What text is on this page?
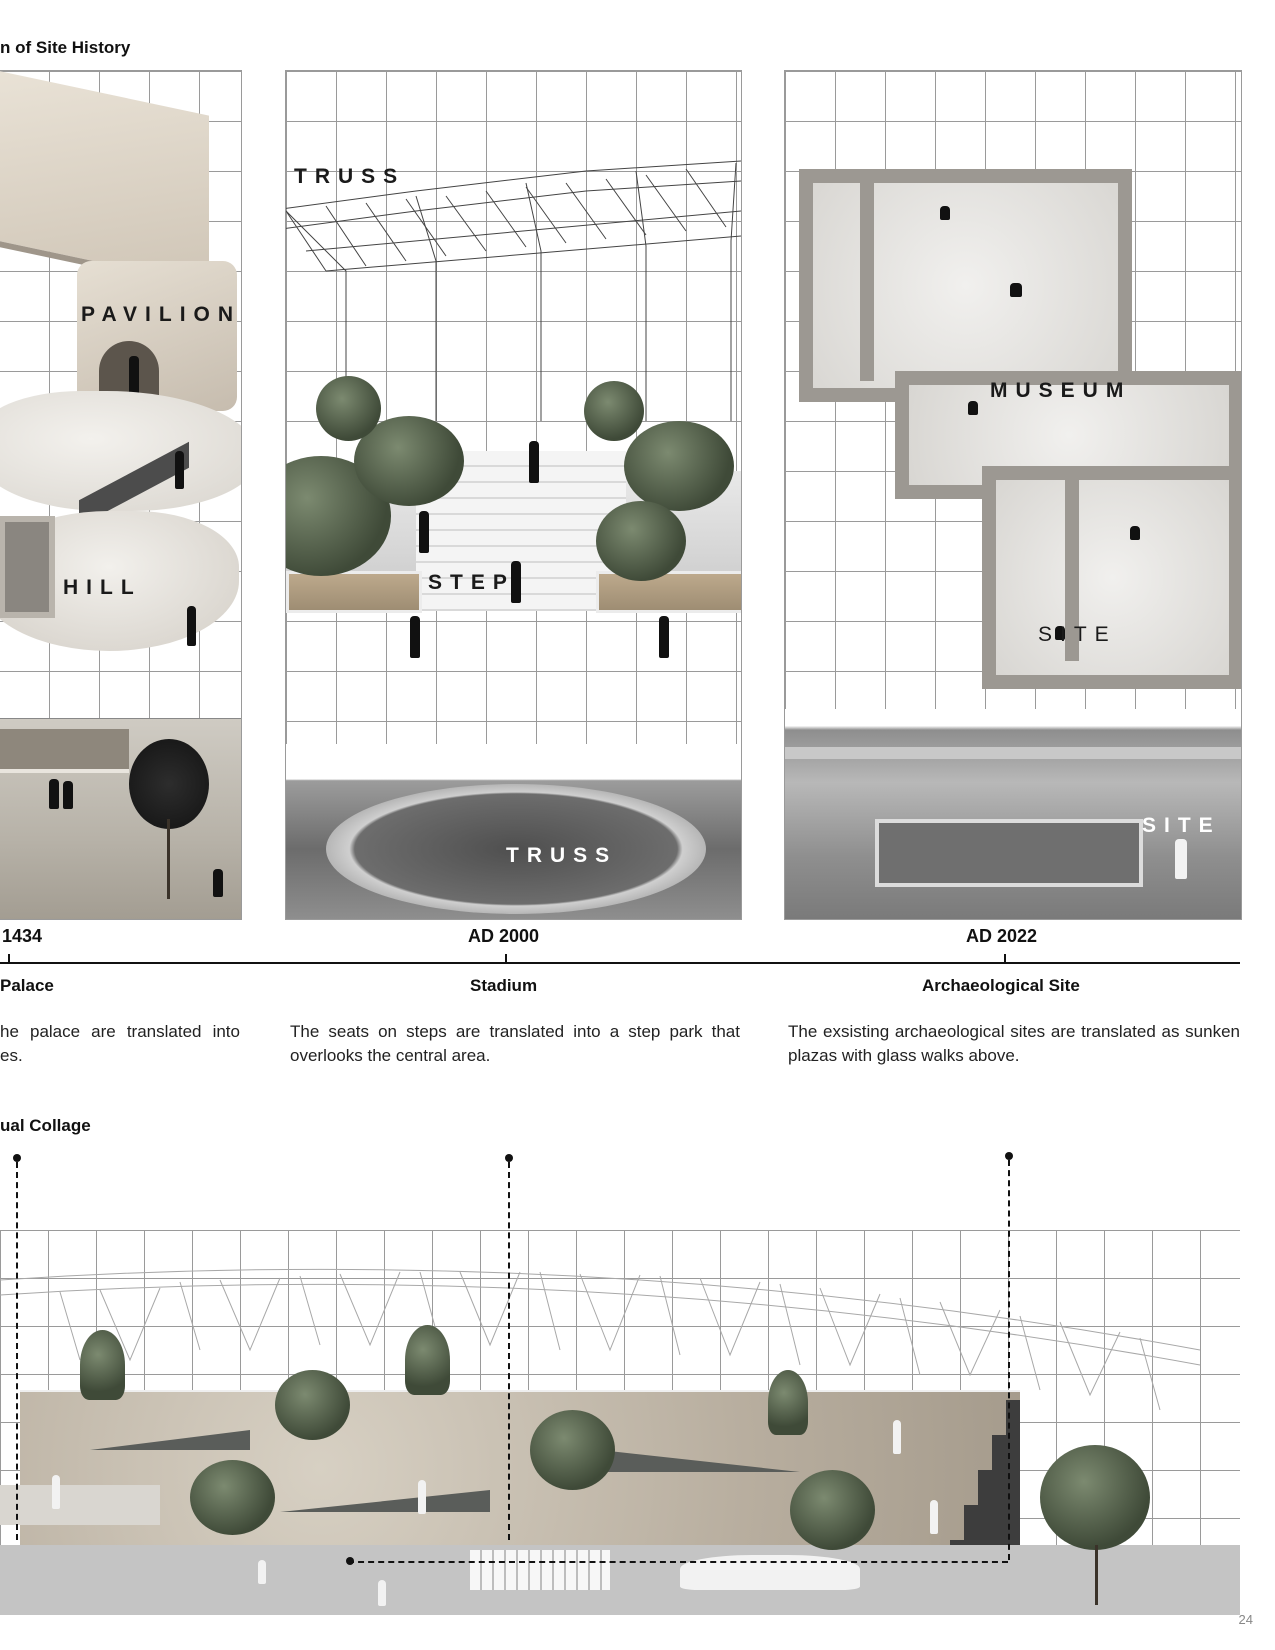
n of Site History
PAVILION
HILL
TRUSS
STEP
TRUSS
MUSEUM
SITE
SITE
1434	AD 2000	AD 2022
Palace	Stadium	Archaeological Site
he palace are translated into es.
The seats on steps are translated into a step park that overlooks the central area.
The exsisting archaeological sites are translated as sunken plazas with glass walks above.
ual Collage
24
